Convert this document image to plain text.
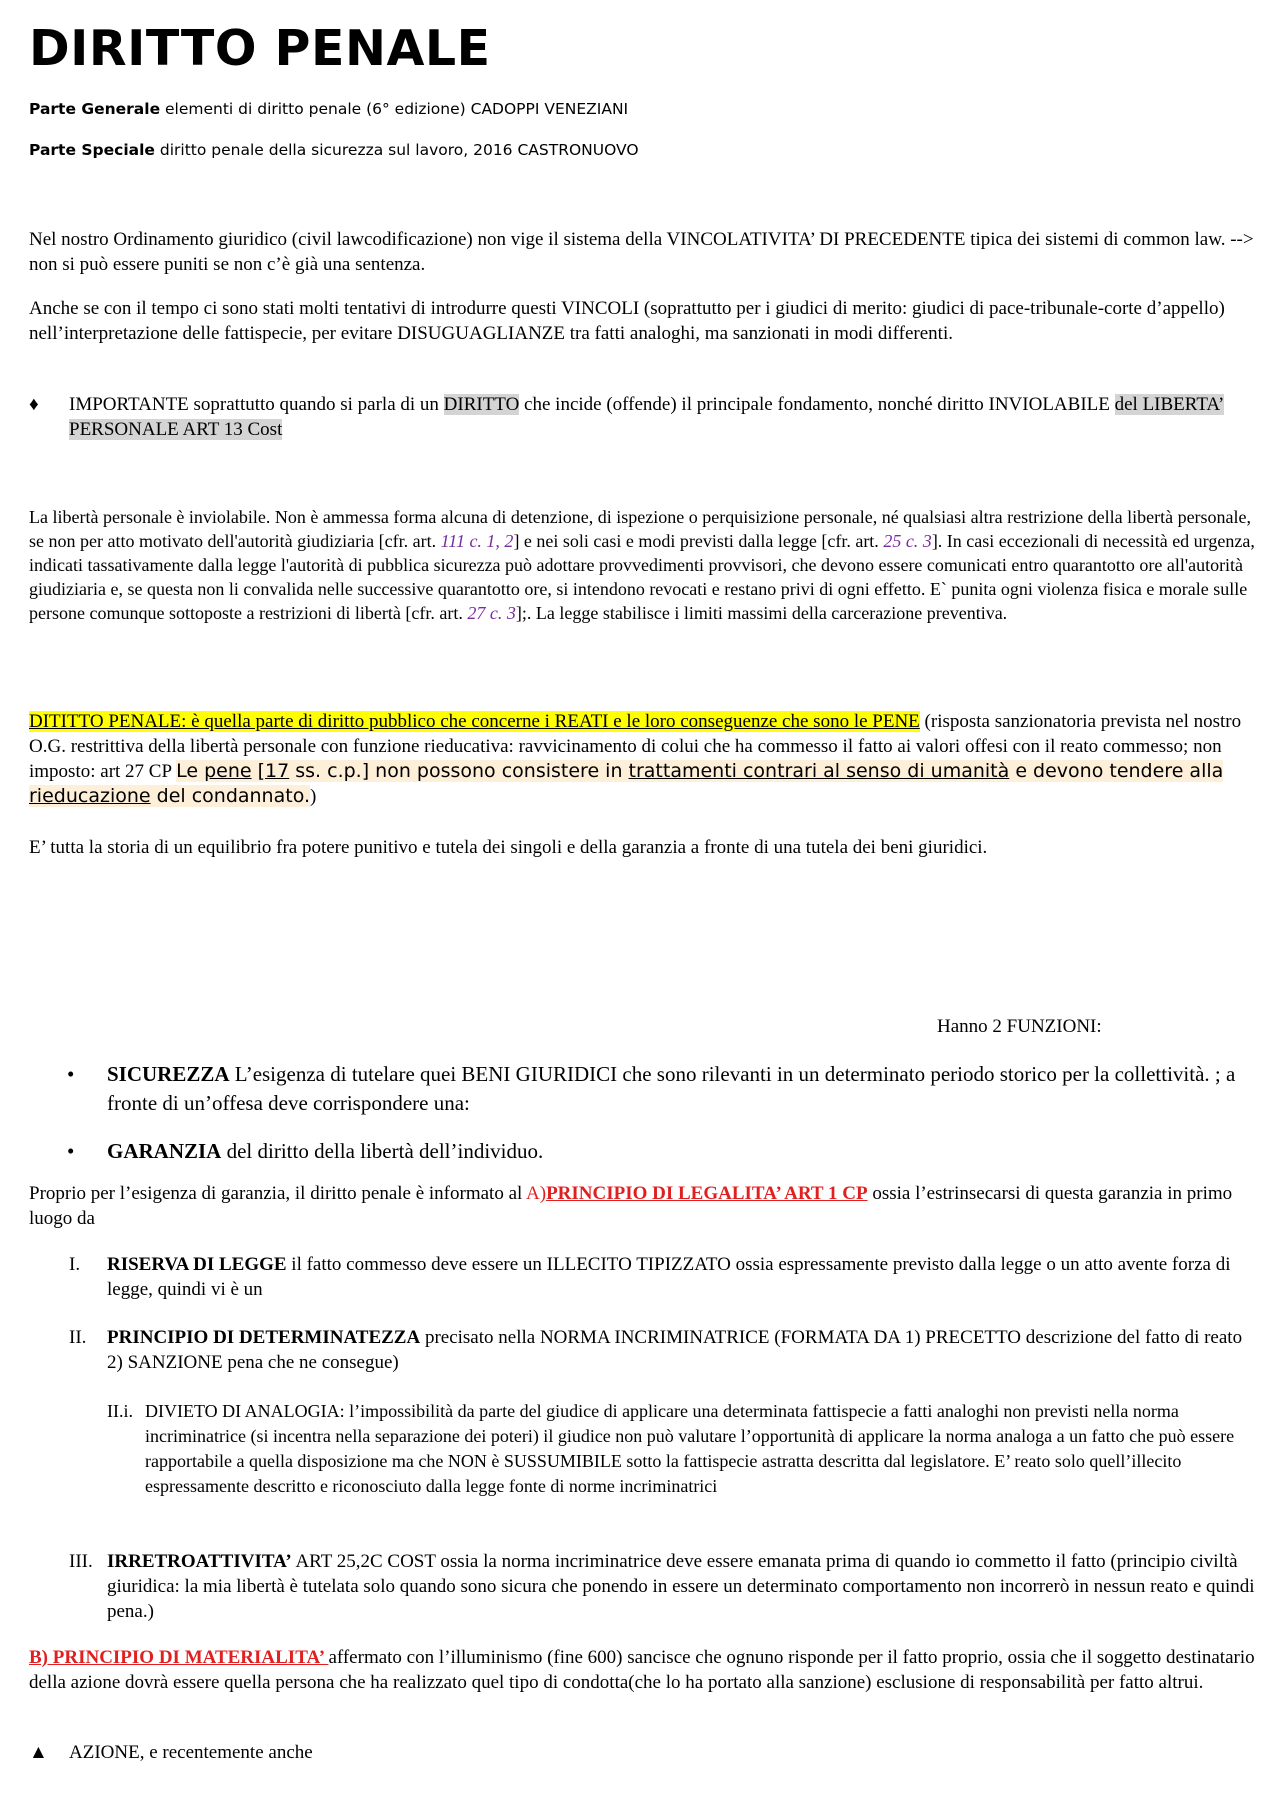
DIRITTO PENALE
Parte Generale elementi di diritto penale (6° edizione) CADOPPI VENEZIANI
Parte Speciale diritto penale della sicurezza sul lavoro, 2016 CASTRONUOVO
Nel nostro Ordinamento giuridico (civil lawcodificazione) non vige il sistema della VINCOLATIVITA’ DI PRECEDENTE tipica dei sistemi di common law. --> non si può essere puniti se non c’è già una sentenza.
Anche se con il tempo ci sono stati molti tentativi di introdurre questi VINCOLI (soprattutto per i giudici di merito: giudici di pace-tribunale-corte d’appello) nell’interpretazione delle fattispecie, per evitare DISUGUAGLIANZE tra fatti analoghi, ma sanzionati in modi differenti.
♦ IMPORTANTE soprattutto quando si parla di un DIRITTO che incide (offende) il principale fondamento, nonché diritto INVIOLABILE del LIBERTA’ PERSONALE ART 13 Cost
La libertà personale è inviolabile. Non è ammessa forma alcuna di detenzione, di ispezione o perquisizione personale, né qualsiasi altra restrizione della libertà personale, se non per atto motivato dell'autorità giudiziaria [cfr. art. 111 c. 1, 2] e nei soli casi e modi previsti dalla legge [cfr. art. 25 c. 3]. In casi eccezionali di necessità ed urgenza, indicati tassativamente dalla legge l'autorità di pubblica sicurezza può adottare provvedimenti provvisori, che devono essere comunicati entro quarantotto ore all'autorità giudiziaria e, se questa non li convalida nelle successive quarantotto ore, si intendono revocati e restano privi di ogni effetto. E` punita ogni violenza fisica e morale sulle persone comunque sottoposte a restrizioni di libertà [cfr. art. 27 c. 3];. La legge stabilisce i limiti massimi della carcerazione preventiva.
DITITTO PENALE: è quella parte di diritto pubblico che concerne i REATI e le loro conseguenze che sono le PENE (risposta sanzionatoria prevista nel nostro O.G. restrittiva della libertà personale con funzione rieducativa: ravvicinamento di colui che ha commesso il fatto ai valori offesi con il reato commesso; non imposto: art 27 CP Le pene [17 ss. c.p.] non possono consistere in trattamenti contrari al senso di umanità e devono tendere alla rieducazione del condannato.)
E’ tutta la storia di un equilibrio fra potere punitivo e tutela dei singoli e della garanzia a fronte di una tutela dei beni giuridici.
Hanno 2 FUNZIONI:
• SICUREZZA L’esigenza di tutelare quei BENI GIURIDICI che sono rilevanti in un determinato periodo storico per la collettività. ; a fronte di un’offesa deve corrispondere una:
• GARANZIA del diritto della libertà dell’individuo.
Proprio per l’esigenza di garanzia, il diritto penale è informato al A)PRINCIPIO DI LEGALITA’ ART 1 CP ossia l’estrinsecarsi di questa garanzia in primo luogo da
I. RISERVA DI LEGGE il fatto commesso deve essere un ILLECITO TIPIZZATO ossia espressamente previsto dalla legge o un atto avente forza di legge, quindi vi è un
II. PRINCIPIO DI DETERMINATEZZA precisato nella NORMA INCRIMINATRICE (FORMATA DA 1) PRECETTO descrizione del fatto di reato 2) SANZIONE pena che ne consegue)
II.i. DIVIETO DI ANALOGIA: l’impossibilità da parte del giudice di applicare una determinata fattispecie a fatti analoghi non previsti nella norma incriminatrice (si incentra nella separazione dei poteri) il giudice non può valutare l’opportunità di applicare la norma analoga a un fatto che può essere rapportabile a quella disposizione ma che NON è SUSSUMIBILE sotto la fattispecie astratta descritta dal legislatore. E’ reato solo quell’illecito espressamente descritto e riconosciuto dalla legge fonte di norme incriminatrici
III. IRRETROATTIVITA’ ART 25,2C COST ossia la norma incriminatrice deve essere emanata prima di quando io commetto il fatto (principio civiltà giuridica: la mia libertà è tutelata solo quando sono sicura che ponendo in essere un determinato comportamento non incorrerò in nessun reato e quindi pena.)
B) PRINCIPIO DI MATERIALITA’ affermato con l’illuminismo (fine 600) sancisce che ognuno risponde per il fatto proprio, ossia che il soggetto destinatario della azione dovrà essere quella persona che ha realizzato quel tipo di condotta(che lo ha portato alla sanzione) esclusione di responsabilità per fatto altrui.
▲ AZIONE, e recentemente anche
